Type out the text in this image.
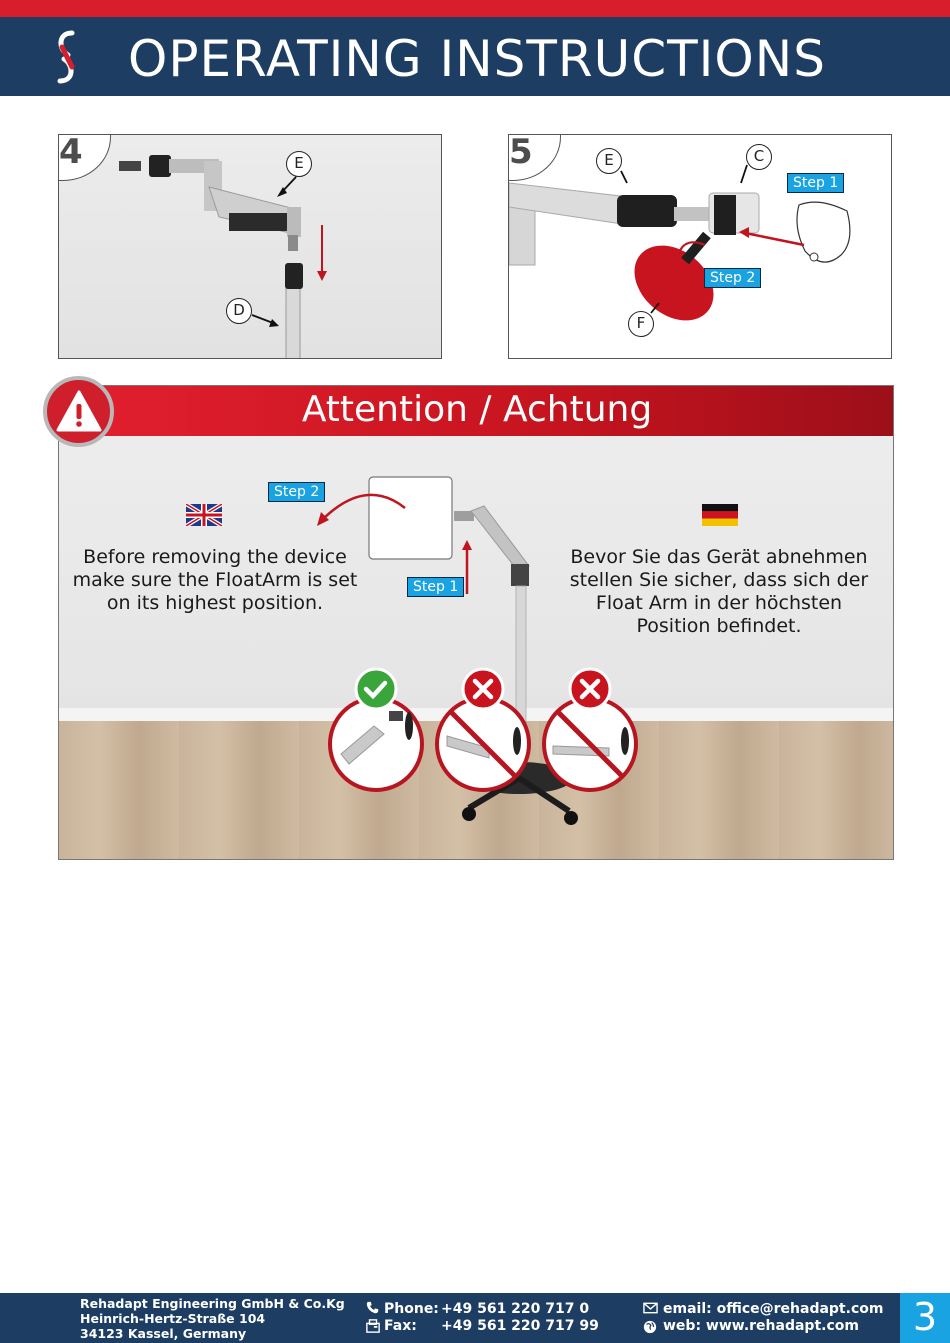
OPERATING INSTRUCTIONS
4	E
D
5	E	C
F
Step 1
Step 2
Attention / Achtung
Step 2
Step 1
Before removing the device make sure the FloatArm is set on its highest position.
Bevor Sie das Gerät abnehmen stellen Sie sicher, dass sich der Float Arm in der höchsten Position befindet.
Rehadapt Engineering GmbH & Co.Kg
Heinrich-Hertz-Straße 104
34123 Kassel, Germany
Phone: +49 561 220 717 0
Fax: +49 561 220 717 99
email: office@rehadapt.com
web: www.rehadapt.com	3
